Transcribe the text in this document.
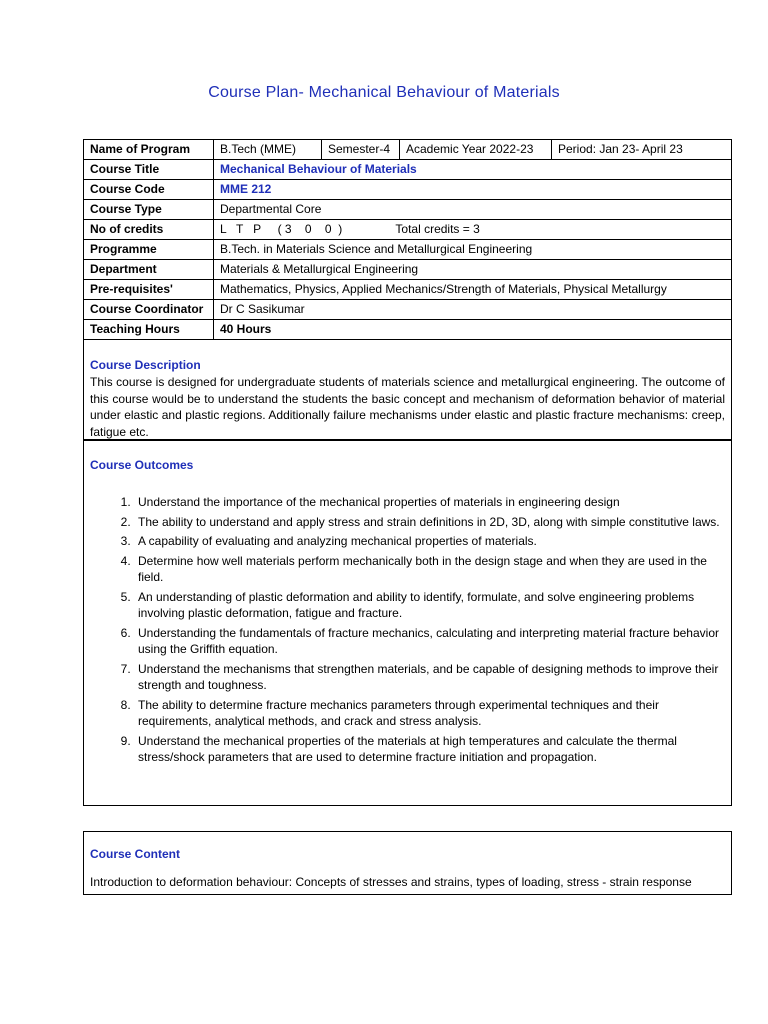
Course Plan- Mechanical Behaviour of Materials
Name of Program	B.Tech (MME) Semester-4 Academic Year 2022-23 Period: Jan 23- April 23

Course Title	Mechanical Behaviour of Materials
Course Code	MME 212
Course Type	Departmental Core
No of credits	L   T   P     ( 3    0    0  )                Total credits = 3
Programme	B.Tech. in Materials Science and Metallurgical Engineering
Department	Materials & Metallurgical Engineering
Pre-requisites'	Mathematics, Physics, Applied Mechanics/Strength of Materials, Physical Metallurgy
Course Coordinator	Dr C Sasikumar
Teaching Hours	40 Hours
Course Description

This course is designed for undergraduate students of materials science and metallurgical engineering. The outcome of this course would be to understand the students the basic concept and mechanism of deformation behavior of material under elastic and plastic regions. Additionally failure mechanisms under elastic and plastic fracture mechanisms: creep, fatigue etc.

Course Outcomes
1. Understand the importance of the mechanical properties of materials in engineering design
2. The ability to understand and apply stress and strain definitions in 2D, 3D, along with simple constitutive laws.
3. A capability of evaluating and analyzing mechanical properties of materials.
4. Determine how well materials perform mechanically both in the design stage and when they are used in the field.
5. An understanding of plastic deformation and ability to identify, formulate, and solve engineering problems involving plastic deformation, fatigue and fracture.
6. Understanding the fundamentals of fracture mechanics, calculating and interpreting material fracture behavior using the Griffith equation.
7. Understand the mechanisms that strengthen materials, and be capable of designing methods to improve their strength and toughness.
8. The ability to determine fracture mechanics parameters through experimental techniques and their requirements, analytical methods, and crack and stress analysis.
9. Understand the mechanical properties of the materials at high temperatures and calculate the thermal stress/shock parameters that are used to determine fracture initiation and propagation.
Course Content

Introduction to deformation behaviour: Concepts of stresses and strains, types of loading, stress - strain response
